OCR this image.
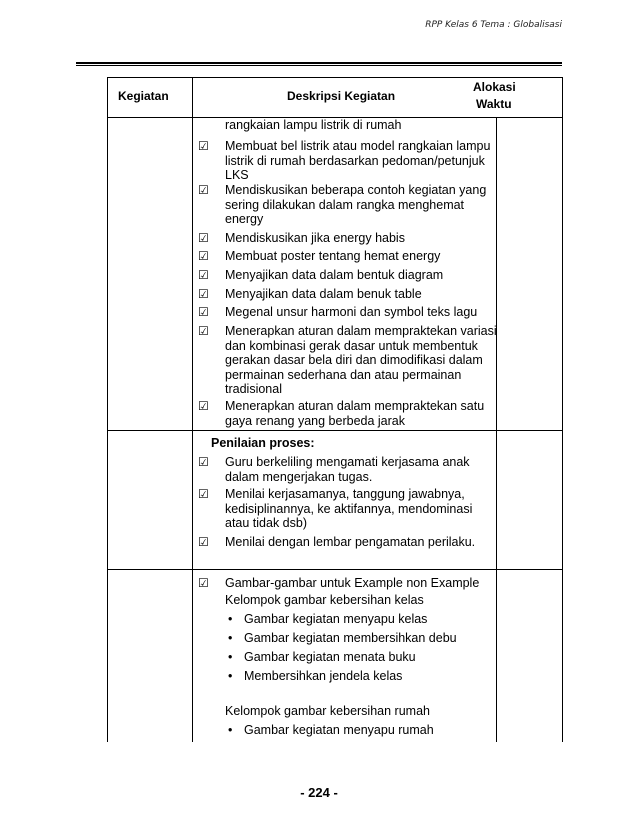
RPP Kelas 6 Tema : Globalisasi
Kegiatan	Deskripsi Kegiatan
Alokasi
Waktu
rangkaian lampu listrik di rumah
☑ Membuat bel listrik atau model rangkaian lampu listrik di rumah berdasarkan pedoman/petunjuk LKS
☑ Mendiskusikan beberapa contoh kegiatan yang sering dilakukan dalam rangka menghemat energy
☑ Mendiskusikan jika energy habis
☑ Membuat poster tentang hemat energy
☑ Menyajikan data dalam bentuk diagram
☑ Menyajikan data dalam benuk table
☑ Megenal unsur harmoni dan symbol teks lagu
☑ Menerapkan aturan dalam mempraktekan variasi dan kombinasi gerak dasar untuk membentuk gerakan dasar bela diri dan dimodifikasi dalam permainan sederhana dan atau permainan tradisional
☑ Menerapkan aturan dalam mempraktekan satu gaya renang yang berbeda jarak
Penilaian proses:
☑ Guru berkeliling mengamati kerjasama anak dalam mengerjakan tugas.
☑ Menilai kerjasamanya, tanggung jawabnya, kedisiplinannya, ke aktifannya, mendominasi atau tidak dsb)
☑ Menilai dengan lembar pengamatan perilaku.
☑ Gambar-gambar untuk Example non Example
Kelompok gambar kebersihan kelas
• Gambar kegiatan menyapu kelas
• Gambar kegiatan membersihkan debu
• Gambar kegiatan menata buku
• Membersihkan jendela kelas
Kelompok gambar kebersihan rumah
• Gambar kegiatan menyapu rumah
- 224 -
